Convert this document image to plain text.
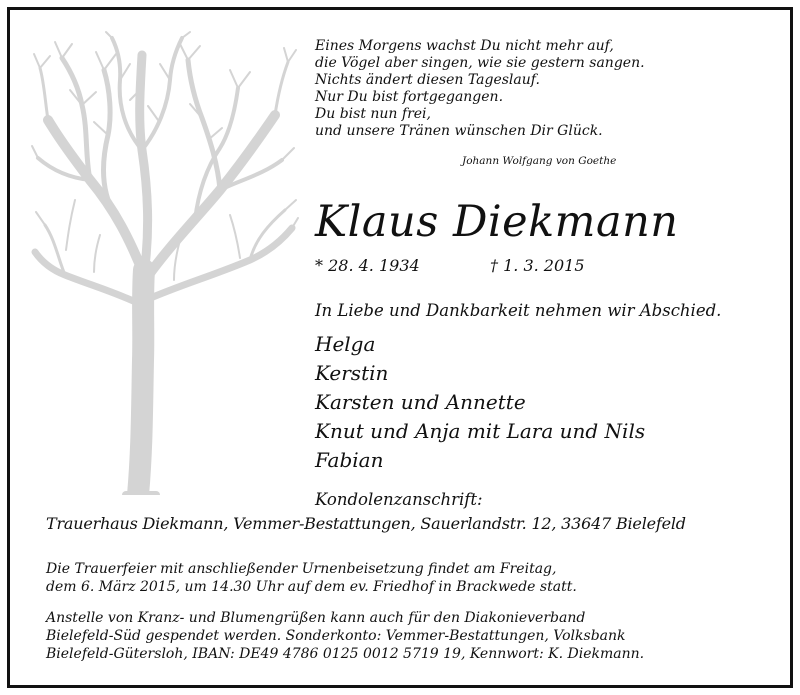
Eines Morgens wachst Du nicht mehr auf,
die Vögel aber singen, wie sie gestern sangen.
Nichts ändert diesen Tageslauf.
Nur Du bist fortgegangen.
Du bist nun frei,
und unsere Tränen wünschen Dir Glück.
Johann Wolfgang von Goethe
Klaus Diekmann
* 28. 4. 1934	† 1. 3. 2015
In Liebe und Dankbarkeit nehmen wir Abschied.
Helga
Kerstin
Karsten und Annette
Knut und Anja mit Lara und Nils
Fabian
Kondolenzanschrift:
Trauerhaus Diekmann, Vemmer-Bestattungen, Sauerlandstr. 12, 33647 Bielefeld
Die Trauerfeier mit anschließender Urnenbeisetzung findet am Freitag,
dem 6. März 2015, um 14.30 Uhr auf dem ev. Friedhof in Brackwede statt.
Anstelle von Kranz- und Blumengrüßen kann auch für den Diakonieverband
Bielefeld-Süd gespendet werden. Sonderkonto: Vemmer-Bestattungen, Volksbank
Bielefeld-Gütersloh, IBAN: DE49 4786 0125 0012 5719 19, Kennwort: K. Diekmann.
